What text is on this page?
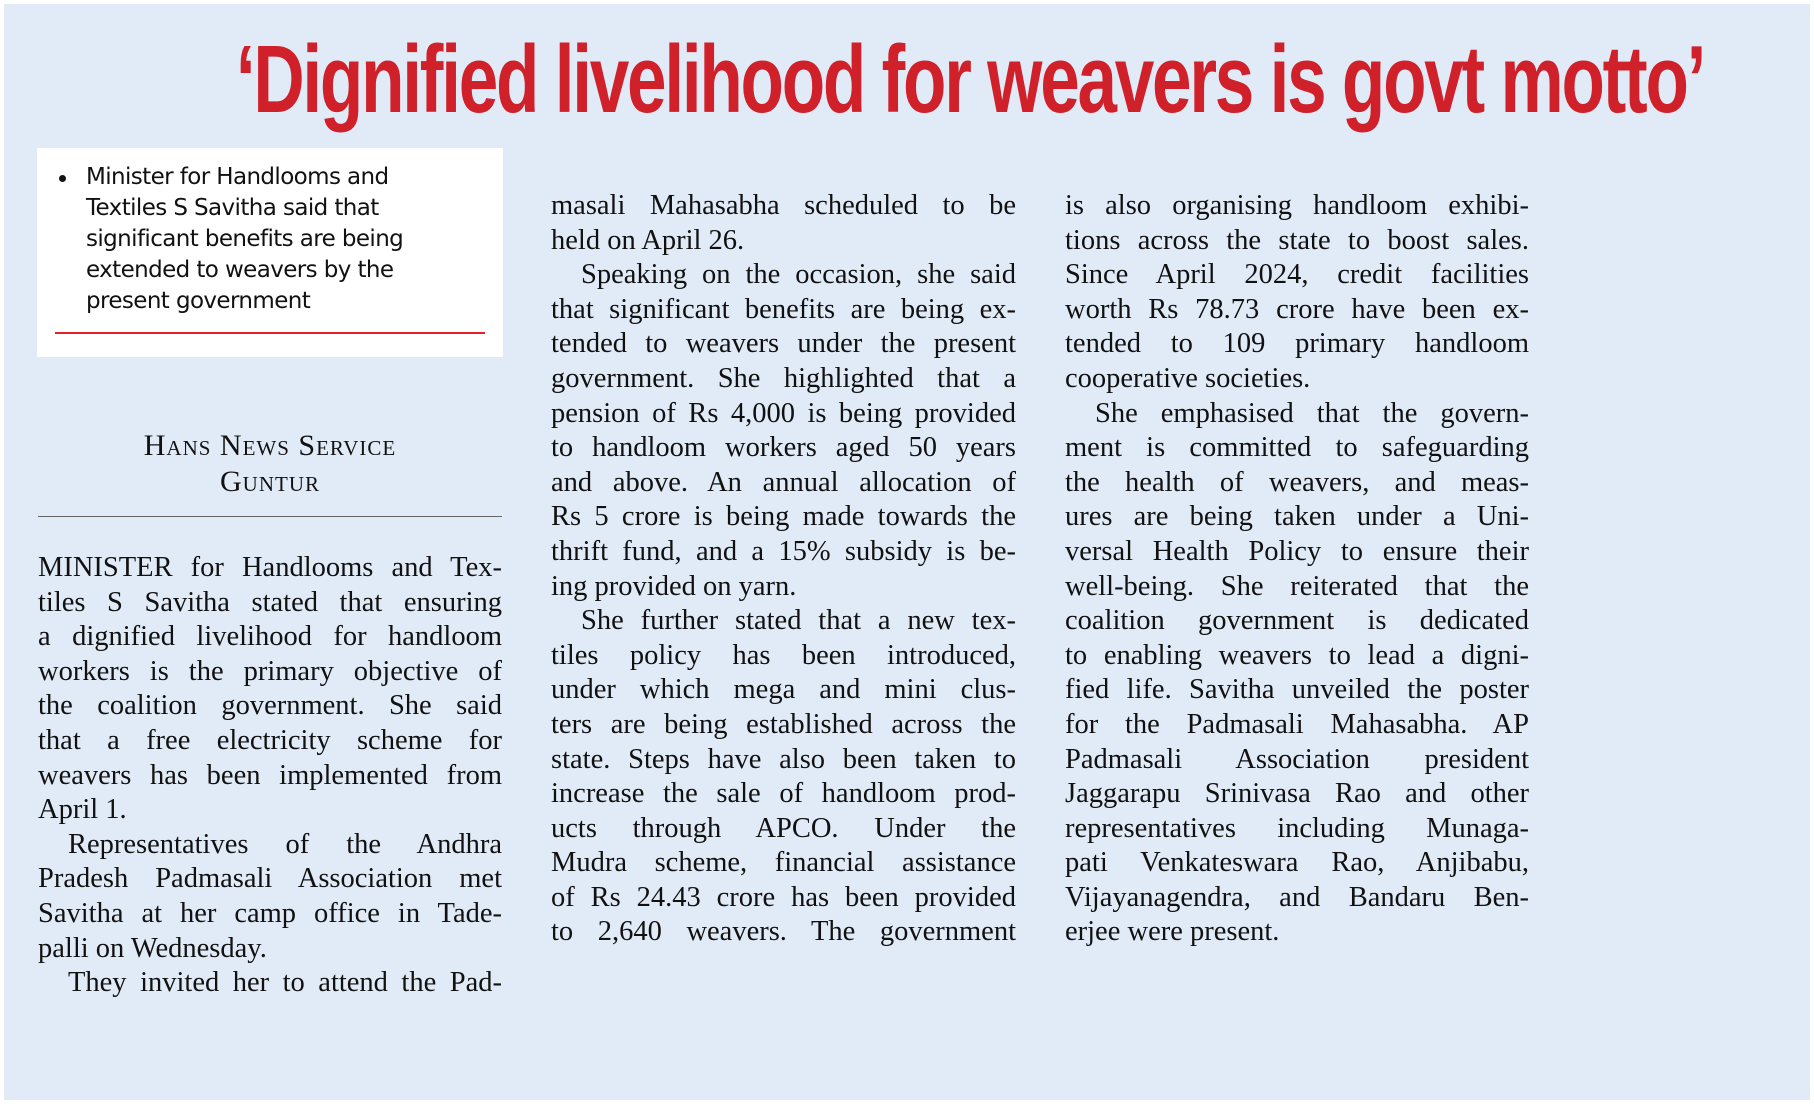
‘Dignified livelihood for weavers is govt motto’
Minister for Handlooms and
Textiles S Savitha said that
significant benefits are being
extended to weavers by the
present government
Hans News Service
Guntur
MINISTER for Handlooms and Tex-
tiles S Savitha stated that ensuring
a dignified livelihood for handloom
workers is the primary objective of
the coalition government. She said
that a free electricity scheme for
weavers has been implemented from
April 1.
Representatives of the Andhra
Pradesh Padmasali Association met
Savitha at her camp office in Tade-
palli on Wednesday.
They invited her to attend the Pad-
masali Mahasabha scheduled to be
held on April 26.
Speaking on the occasion, she said
that significant benefits are being ex-
tended to weavers under the present
government. She highlighted that a
pension of Rs 4,000 is being provided
to handloom workers aged 50 years
and above. An annual allocation of
Rs 5 crore is being made towards the
thrift fund, and a 15% subsidy is be-
ing provided on yarn.
She further stated that a new tex-
tiles policy has been introduced,
under which mega and mini clus-
ters are being established across the
state. Steps have also been taken to
increase the sale of handloom prod-
ucts through APCO. Under the
Mudra scheme, financial assistance
of Rs 24.43 crore has been provided
to 2,640 weavers. The government
is also organising handloom exhibi-
tions across the state to boost sales.
Since April 2024, credit facilities
worth Rs 78.73 crore have been ex-
tended to 109 primary handloom
cooperative societies.
She emphasised that the govern-
ment is committed to safeguarding
the health of weavers, and meas-
ures are being taken under a Uni-
versal Health Policy to ensure their
well-being. She reiterated that the
coalition government is dedicated
to enabling weavers to lead a digni-
fied life. Savitha unveiled the poster
for the Padmasali Mahasabha. AP
Padmasali Association president
Jaggarapu Srinivasa Rao and other
representatives including Munaga-
pati Venkateswara Rao, Anjibabu,
Vijayanagendra, and Bandaru Ben-
erjee were present.
